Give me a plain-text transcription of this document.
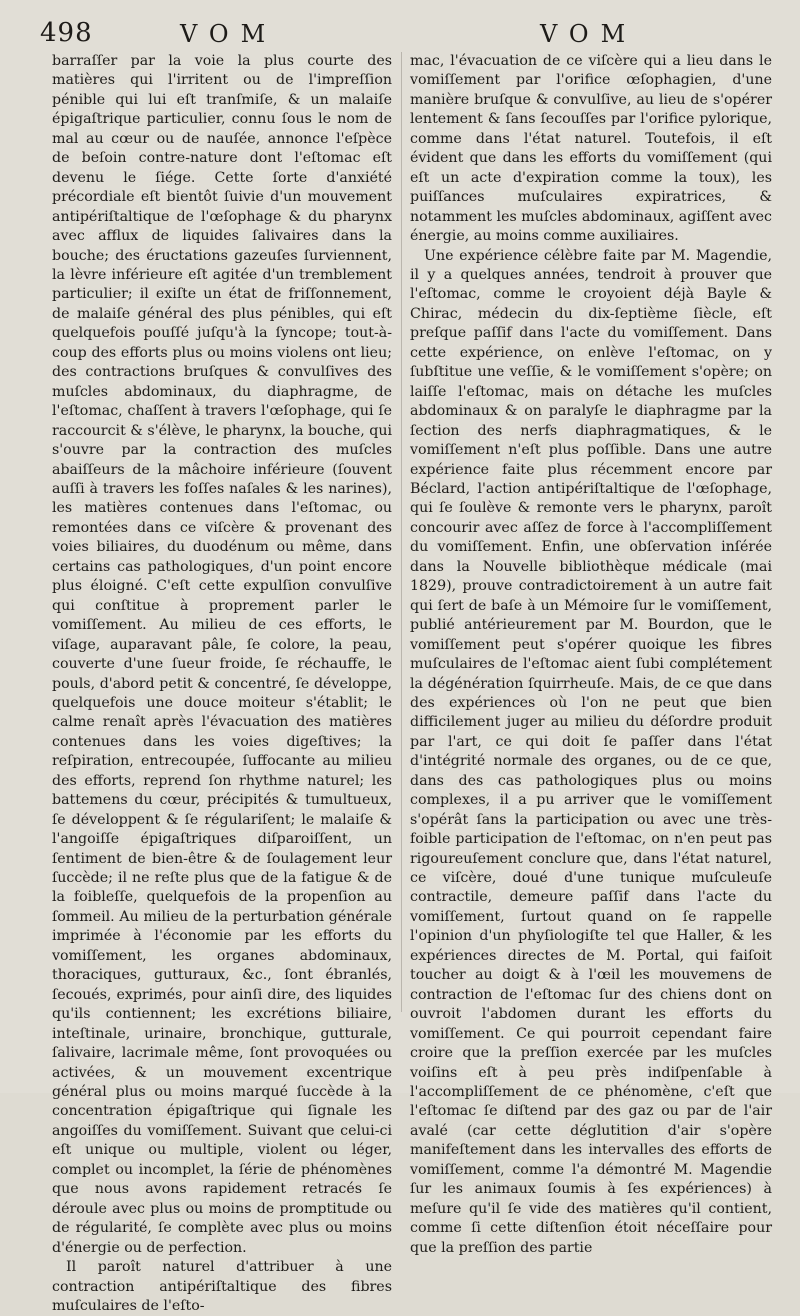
498	VOM	VOM

barraſſer par la voie la plus courte des matières qui l'irritent ou de l'impreſſion pénible qui lui eſt tranſmiſe, & un malaiſe épigaſtrique particulier, connu ſous le nom de mal au cœur ou de nauſée, annonce l'eſpèce de beſoin contre-nature dont l'eſtomac eſt devenu le ſiége. Cette ſorte d'anxiété précordiale eſt bientôt ſuivie d'un mouvement antipériſtaltique de l'œſophage & du pharynx avec afflux de liquides ſalivaires dans la bouche; des éructations gazeuſes ſurviennent, la lèvre inférieure eſt agitée d'un tremblement particulier; il exiſte un état de friſſonnement, de malaiſe général des plus pénibles, qui eſt quelquefois pouſſé juſqu'à la ſyncope; tout-à-coup des efforts plus ou moins violens ont lieu; des contractions bruſques & convulſives des muſcles abdominaux, du diaphragme, de l'eſtomac, chaſſent à travers l'œſophage, qui ſe raccourcit & s'élève, le pharynx, la bouche, qui s'ouvre par la contraction des muſcles abaiſſeurs de la mâchoire inférieure (ſouvent auſſi à travers les foſſes naſales & les narines), les matières contenues dans l'eſtomac, ou remontées dans ce viſcère & provenant des voies biliaires, du duodénum ou même, dans certains cas pathologiques, d'un point encore plus éloigné. C'eſt cette expulſion convulſive qui conſtitue à proprement parler le vomiſſement. Au milieu de ces efforts, le viſage, auparavant pâle, ſe colore, la peau, couverte d'une ſueur froide, ſe réchauffe, le pouls, d'abord petit & concentré, ſe développe, quelquefois une douce moiteur s'établit; le calme renaît après l'évacuation des matières contenues dans les voies digeſtives; la reſpiration, entrecoupée, ſuffocante au milieu des efforts, reprend ſon rhythme naturel; les battemens du cœur, précipités & tumultueux, ſe développent & ſe régulariſent; le malaiſe & l'angoiſſe épigaſtriques diſparoiſſent, un ſentiment de bien-être & de ſoulagement leur ſuccède; il ne reſte plus que de la fatigue & de la foibleſſe, quelquefois de la propenſion au ſommeil. Au milieu de la perturbation générale imprimée à l'économie par les efforts du vomiſſement, les organes abdominaux, thoraciques, gutturaux, &c., ſont ébranlés, ſecoués, exprimés, pour ainſi dire, des liquides qu'ils contiennent; les excrétions biliaire, inteſtinale, urinaire, bronchique, gutturale, ſalivaire, lacrimale même, ſont provoquées ou activées, & un mouvement excentrique général plus ou moins marqué ſuccède à la concentration épigaſtrique qui ſignale les angoiſſes du vomiſſement. Suivant que celui-ci eſt unique ou multiple, violent ou léger, complet ou incomplet, la ſérie de phénomènes que nous avons rapidement retracés ſe déroule avec plus ou moins de promptitude ou de régularité, ſe complète avec plus ou moins d'énergie ou de perfection.

Il paroît naturel d'attribuer à une contraction antipériſtaltique des fibres muſculaires de l'eſto-

mac, l'évacuation de ce viſcère qui a lieu dans le vomiſſement par l'orifice œſophagien, d'une manière bruſque & convulſive, au lieu de s'opérer lentement & ſans ſecouſſes par l'orifice pylorique, comme dans l'état naturel. Toutefois, il eſt évident que dans les efforts du vomiſſement (qui eſt un acte d'expiration comme la toux), les puiſſances muſculaires expiratrices, & notamment les muſcles abdominaux, agiſſent avec énergie, au moins comme auxiliaires.

Une expérience célèbre faite par M. Magendie, il y a quelques années, tendroit à prouver que l'eſtomac, comme le croyoient déjà Bayle & Chirac, médecin du dix-ſeptième ſiècle, eſt preſque paſſif dans l'acte du vomiſſement. Dans cette expérience, on enlève l'eſtomac, on y ſubſtitue une veſſie, & le vomiſſement s'opère; on laiſſe l'eſtomac, mais on détache les muſcles abdominaux & on paralyſe le diaphragme par la ſection des nerfs diaphragmatiques, & le vomiſſement n'eſt plus poſſible. Dans une autre expérience faite plus récemment encore par Béclard, l'action antipériſtaltique de l'œſophage, qui ſe ſoulève & remonte vers le pharynx, paroît concourir avec aſſez de force à l'accompliſſement du vomiſſement. Enfin, une obſervation inſérée dans la Nouvelle bibliothèque médicale (mai 1829), prouve contradictoirement à un autre fait qui ſert de baſe à un Mémoire ſur le vomiſſement, publié antérieurement par M. Bourdon, que le vomiſſement peut s'opérer quoique les fibres muſculaires de l'eſtomac aient ſubi complétement la dégénération ſquirrheuſe. Mais, de ce que dans des expériences où l'on ne peut que bien difficilement juger au milieu du déſordre produit par l'art, ce qui doit ſe paſſer dans l'état d'intégrité normale des organes, ou de ce que, dans des cas pathologiques plus ou moins complexes, il a pu arriver que le vomiſſement s'opérât ſans la participation ou avec une très-foible participation de l'eſtomac, on n'en peut pas rigoureuſement conclure que, dans l'état naturel, ce viſcère, doué d'une tunique muſculeuſe contractile, demeure paſſif dans l'acte du vomiſſement, ſurtout quand on ſe rappelle l'opinion d'un phyſiologiſte tel que Haller, & les expériences directes de M. Portal, qui faiſoit toucher au doigt & à l'œil les mouvemens de contraction de l'eſtomac ſur des chiens dont on ouvroit l'abdomen durant les efforts du vomiſſement. Ce qui pourroit cependant faire croire que la preſſion exercée par les muſcles voiſins eſt à peu près indiſpenſable à l'accompliſſement de ce phénomène, c'eſt que l'eſtomac ſe diſtend par des gaz ou par de l'air avalé (car cette déglutition d'air s'opère manifeſtement dans les intervalles des efforts de vomiſſement, comme l'a démontré M. Magendie ſur les animaux ſoumis à ſes expériences) à meſure qu'il ſe vide des matières qu'il contient, comme ſi cette diſtenſion étoit néceſſaire pour que la preſſion des partie
